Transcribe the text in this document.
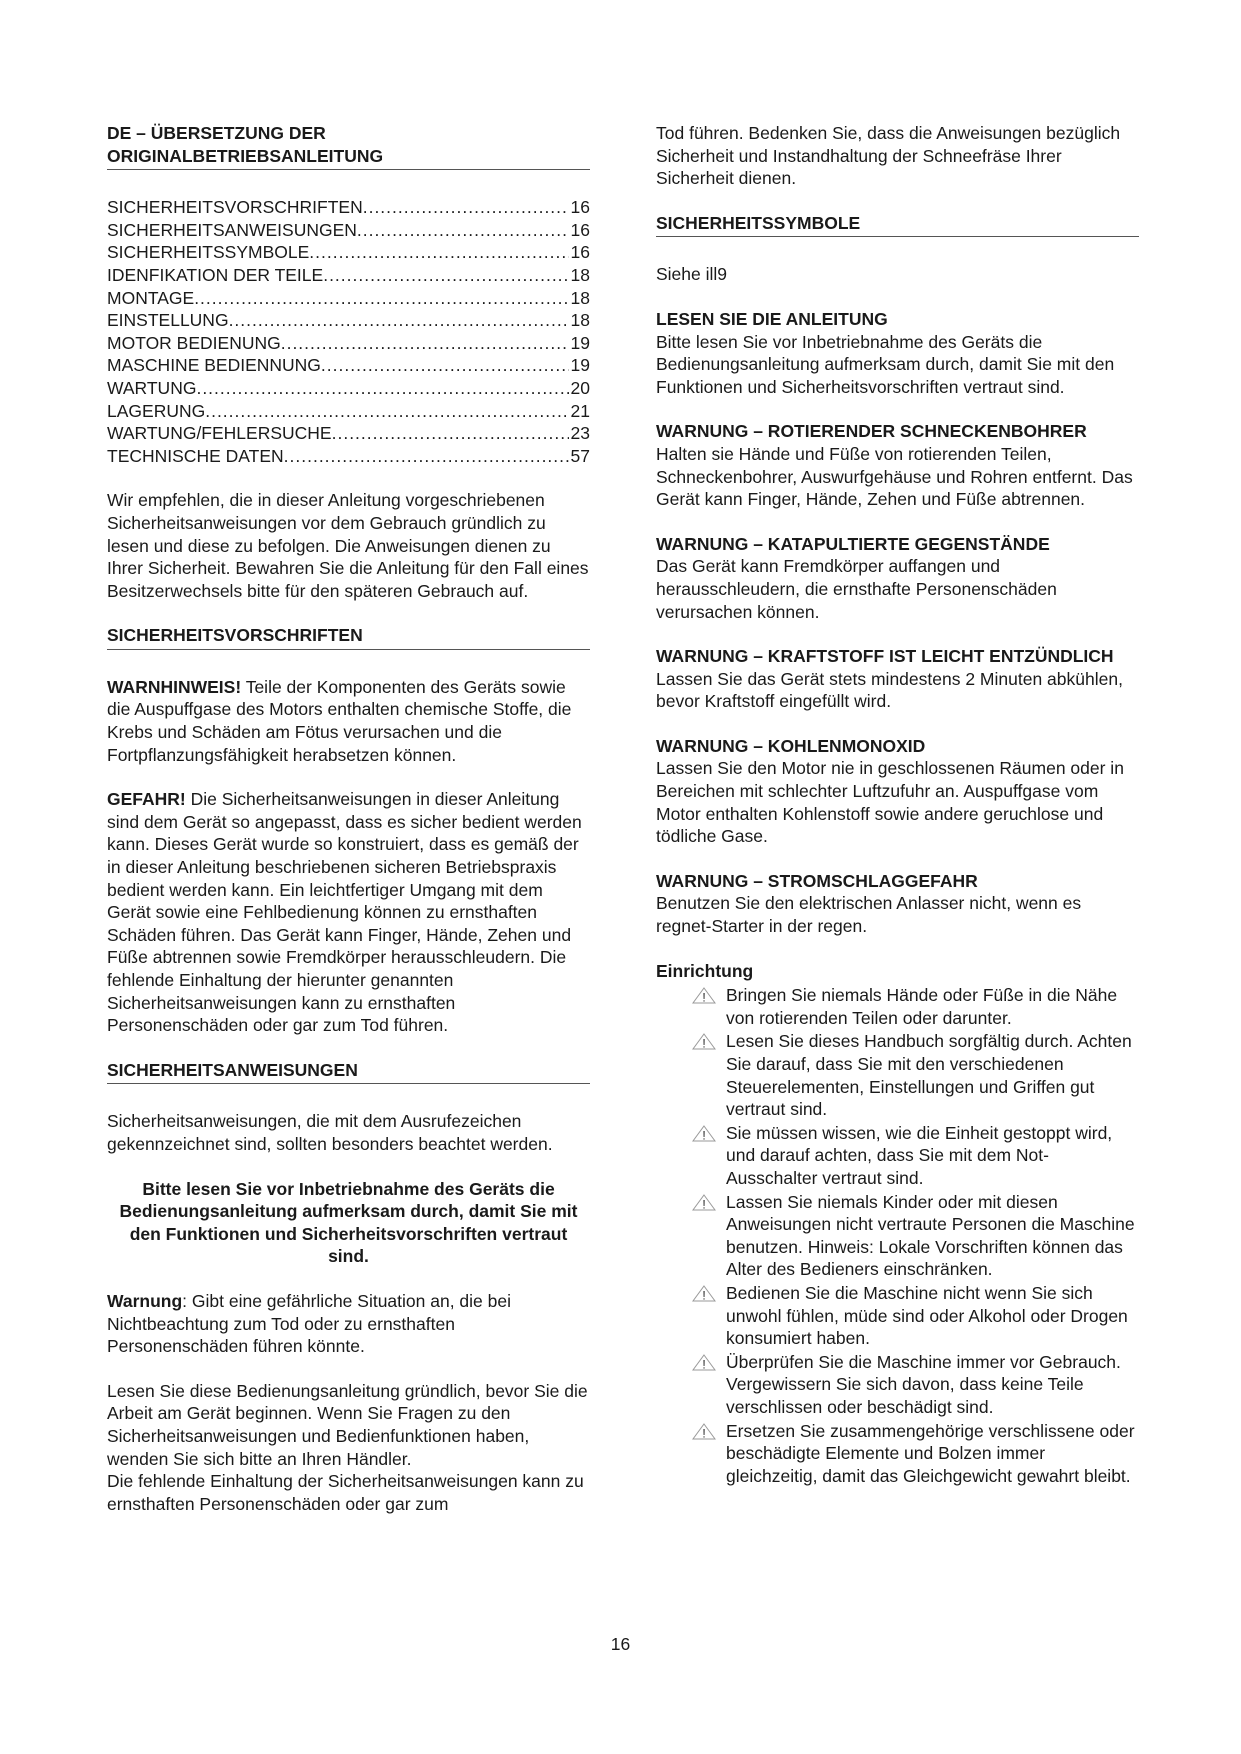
DE – ÜBERSETZUNG DER
ORIGINALBETRIEBSANLEITUNG
SICHERHEITSVORSCHRIFTEN .....	16
SICHERHEITSANWEISUNGEN .....	16
SICHERHEITSSYMBOLE .....	16
IDENFIKATION DER TEILE .....	18
MONTAGE .....	18
EINSTELLUNG .....	18
MOTOR BEDIENUNG .....	19
MASCHINE BEDIENNUNG .....	19
WARTUNG .....	20
LAGERUNG .....	21
WARTUNG/FEHLERSUCHE .....	23
TECHNISCHE DATEN .....	57

Wir empfehlen, die in dieser Anleitung vorgeschriebenen Sicherheitsanweisungen vor dem Gebrauch gründlich zu lesen und diese zu befolgen. Die Anweisungen dienen zu Ihrer Sicherheit. Bewahren Sie die Anleitung für den Fall eines Besitzerwechsels bitte für den späteren Gebrauch auf.

SICHERHEITSVORSCHRIFTEN

WARNHINWEIS! Teile der Komponenten des Geräts sowie die Auspuffgase des Motors enthalten chemische Stoffe, die Krebs und Schäden am Fötus verursachen und die Fortpflanzungsfähigkeit herabsetzen können.

GEFAHR! Die Sicherheitsanweisungen in dieser Anleitung sind dem Gerät so angepasst, dass es sicher bedient werden kann. Dieses Gerät wurde so konstruiert, dass es gemäß der in dieser Anleitung beschriebenen sicheren Betriebspraxis bedient werden kann. Ein leichtfertiger Umgang mit dem Gerät sowie eine Fehlbedienung können zu ernsthaften Schäden führen. Das Gerät kann Finger, Hände, Zehen und Füße abtrennen sowie Fremdkörper herausschleudern. Die fehlende Einhaltung der hierunter genannten Sicherheitsanweisungen kann zu ernsthaften Personenschäden oder gar zum Tod führen.

SICHERHEITSANWEISUNGEN

Sicherheitsanweisungen, die mit dem Ausrufezeichen gekennzeichnet sind, sollten besonders beachtet werden.

Bitte lesen Sie vor Inbetriebnahme des Geräts die Bedienungsanleitung aufmerksam durch, damit Sie mit den Funktionen und Sicherheitsvorschriften vertraut sind.

Warnung: Gibt eine gefährliche Situation an, die bei Nichtbeachtung zum Tod oder zu ernsthaften Personenschäden führen könnte.

Lesen Sie diese Bedienungsanleitung gründlich, bevor Sie die Arbeit am Gerät beginnen. Wenn Sie Fragen zu den Sicherheitsanweisungen und Bedienfunktionen haben, wenden Sie sich bitte an Ihren Händler.

Die fehlende Einhaltung der Sicherheitsanweisungen kann zu ernsthaften Personenschäden oder gar zum

Tod führen. Bedenken Sie, dass die Anweisungen bezüglich Sicherheit und Instandhaltung der Schneefräse Ihrer Sicherheit dienen.

SICHERHEITSSYMBOLE

Siehe ill9

LESEN SIE DIE ANLEITUNG

Bitte lesen Sie vor Inbetriebnahme des Geräts die Bedienungsanleitung aufmerksam durch, damit Sie mit den Funktionen und Sicherheitsvorschriften vertraut sind.

WARNUNG – ROTIERENDER SCHNECKENBOHRER

Halten sie Hände und Füße von rotierenden Teilen, Schneckenbohrer, Auswurfgehäuse und Rohren entfernt. Das Gerät kann Finger, Hände, Zehen und Füße abtrennen.

WARNUNG – KATAPULTIERTE GEGENSTÄNDE

Das Gerät kann Fremdkörper auffangen und herausschleudern, die ernsthafte Personenschäden verursachen können.

WARNUNG – KRAFTSTOFF IST LEICHT ENTZÜNDLICH

Lassen Sie das Gerät stets mindestens 2 Minuten abkühlen, bevor Kraftstoff eingefüllt wird.

WARNUNG – KOHLENMONOXID

Lassen Sie den Motor nie in geschlossenen Räumen oder in Bereichen mit schlechter Luftzufuhr an. Auspuffgase vom Motor enthalten Kohlenstoff sowie andere geruchlose und tödliche Gase.

WARNUNG – STROMSCHLAGGEFAHR

Benutzen Sie den elektrischen Anlasser nicht, wenn es regnet-Starter in der regen.

Einrichtung

! Bringen Sie niemals Hände oder Füße in die Nähe von rotierenden Teilen oder darunter.
! Lesen Sie dieses Handbuch sorgfältig durch. Achten Sie darauf, dass Sie mit den verschiedenen Steuerelementen, Einstellungen und Griffen gut vertraut sind.
! Sie müssen wissen, wie die Einheit gestoppt wird, und darauf achten, dass Sie mit dem Not-Ausschalter vertraut sind.
! Lassen Sie niemals Kinder oder mit diesen Anweisungen nicht vertraute Personen die Maschine benutzen. Hinweis: Lokale Vorschriften können das Alter des Bedieners einschränken.
! Bedienen Sie die Maschine nicht wenn Sie sich unwohl fühlen, müde sind oder Alkohol oder Drogen konsumiert haben.
! Überprüfen Sie die Maschine immer vor Gebrauch. Vergewissern Sie sich davon, dass keine Teile verschlissen oder beschädigt sind.
! Ersetzen Sie zusammengehörige verschlissene oder beschädigte Elemente und Bolzen immer gleichzeitig, damit das Gleichgewicht gewahrt bleibt.
16
